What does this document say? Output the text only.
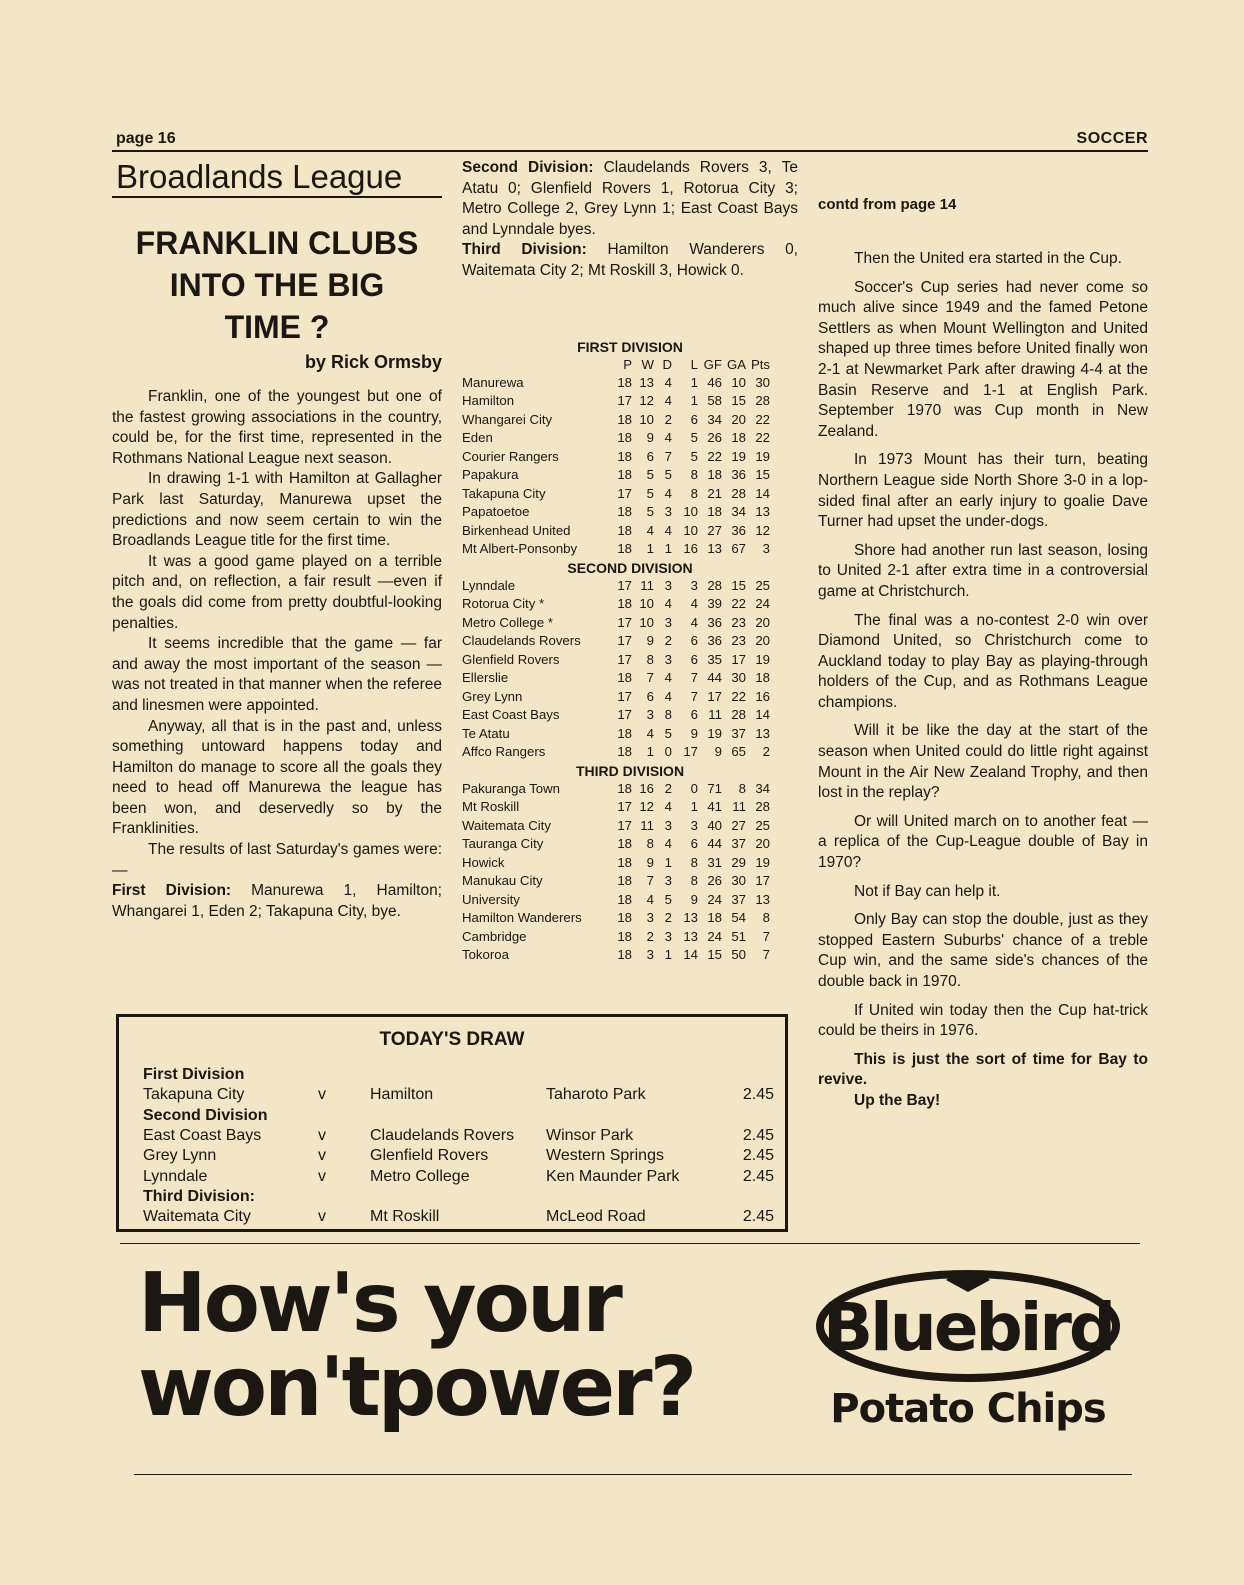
page 16	SOCCER
Broadlands League
FRANKLIN CLUBS
INTO THE BIG
TIME ?
by Rick Ormsby

Franklin, one of the youngest but one of the fastest growing associations in the country, could be, for the first time, represented in the Rothmans National League next season.

In drawing 1-1 with Hamilton at Gallagher Park last Saturday, Manurewa upset the predictions and now seem certain to win the Broadlands League title for the first time.

It was a good game played on a terrible pitch and, on reflection, a fair result —even if the goals did come from pretty doubtful-looking penalties.

It seems incredible that the game — far and away the most important of the season — was not treated in that manner when the referee and linesmen were appointed.

Anyway, all that is in the past and, unless something untoward happens today and Hamilton do manage to score all the goals they need to head off Manurewa the league has been won, and deservedly so by the Franklinities.

The results of last Saturday's games were:—

First Division: Manurewa 1, Hamilton; Whangarei 1, Eden 2; Takapuna City, bye.

Second Division: Claudelands Rovers 3, Te Atatu 0; Glenfield Rovers 1, Rotorua City 3; Metro College 2, Grey Lynn 1; East Coast Bays and Lynndale byes.

Third Division: Hamilton Wanderers 0, Waitemata City 2; Mt Roskill 3, Howick 0.

FIRST DIVISION
P W D	L GF GA Pts
Manurewa	18 13 4	1 46 10 30
Hamilton	17 12 4	1 58 15 28
Whangarei City	18 10 2	6 34 20 22
Eden	18	9 4	5 26 18 22
Courier Rangers	18	6 7	5 22 19 19
Papakura	18	5 5	8 18 36 15
Takapuna City	17	5 4	8 21 28 14
Papatoetoe	18	5 3 10 18 34 13
Birkenhead United	18	4 4 10 27 36 12
Mt Albert-Ponsonby	18	1 1 16 13 67	3
SECOND DIVISION
Lynndale	17 11 3	3 28 15 25
Rotorua City *	18 10 4	4 39 22 24
Metro College *	17 10 3	4 36 23 20
Claudelands Rovers	17	9 2	6 36 23 20
Glenfield Rovers	17	8 3	6 35 17 19
Ellerslie	18	7 4	7 44 30 18
Grey Lynn	17	6 4	7 17 22 16
East Coast Bays	17	3 8	6 11 28 14
Te Atatu	18	4 5	9 19 37 13
Affco Rangers	18	1 0 17	9 65	2
THIRD DIVISION
Pakuranga Town	18 16 2	0 71	8 34
Mt Roskill	17 12 4	1 41 11 28
Waitemata City	17 11 3	3 40 27 25
Tauranga City	18	8 4	6 44 37 20
Howick	18	9 1	8 31 29 19
Manukau City	18	7 3	8 26 30 17
University	18	4 5	9 24 37 13
Hamilton Wanderers	18	3 2 13 18 54	8
Cambridge	18	2 3 13 24 51	7
Tokoroa	18	3 1 14 15 50	7
contd from page 14

Then the United era started in the Cup.

Soccer's Cup series had never come so much alive since 1949 and the famed Petone Settlers as when Mount Wellington and United shaped up three times before United finally won 2-1 at Newmarket Park after drawing 4-4 at the Basin Reserve and 1-1 at English Park. September 1970 was Cup month in New Zealand.

In 1973 Mount has their turn, beating Northern League side North Shore 3-0 in a lop-sided final after an early injury to goalie Dave Turner had upset the under-dogs.

Shore had another run last season, losing to United 2-1 after extra time in a controversial game at Christchurch.

The final was a no-contest 2-0 win over Diamond United, so Christchurch come to Auckland today to play Bay as playing-through holders of the Cup, and as Rothmans League champions.

Will it be like the day at the start of the season when United could do little right against Mount in the Air New Zealand Trophy, and then lost in the replay?

Or will United march on to another feat — a replica of the Cup-League double of Bay in 1970?

Not if Bay can help it.

Only Bay can stop the double, just as they stopped Eastern Suburbs' chance of a treble Cup win, and the same side's chances of the double back in 1970.

If United win today then the Cup hat-trick could be theirs in 1976.

This is just the sort of time for Bay to revive.

Up the Bay!

TODAY'S DRAW
First Division
Takapuna City	v	Hamilton	Taharoto Park	2.45
Second Division
East Coast Bays	v	Claudelands Rovers	Winsor Park	2.45
Grey Lynn	v	Glenfield Rovers	Western Springs	2.45
Lynndale	v	Metro College	Ken Maunder Park	2.45
Third Division:
Waitemata City	v	Mt Roskill	McLeod Road	2.45
How's your
won'tpower?
Bluebird
Potato Chips
